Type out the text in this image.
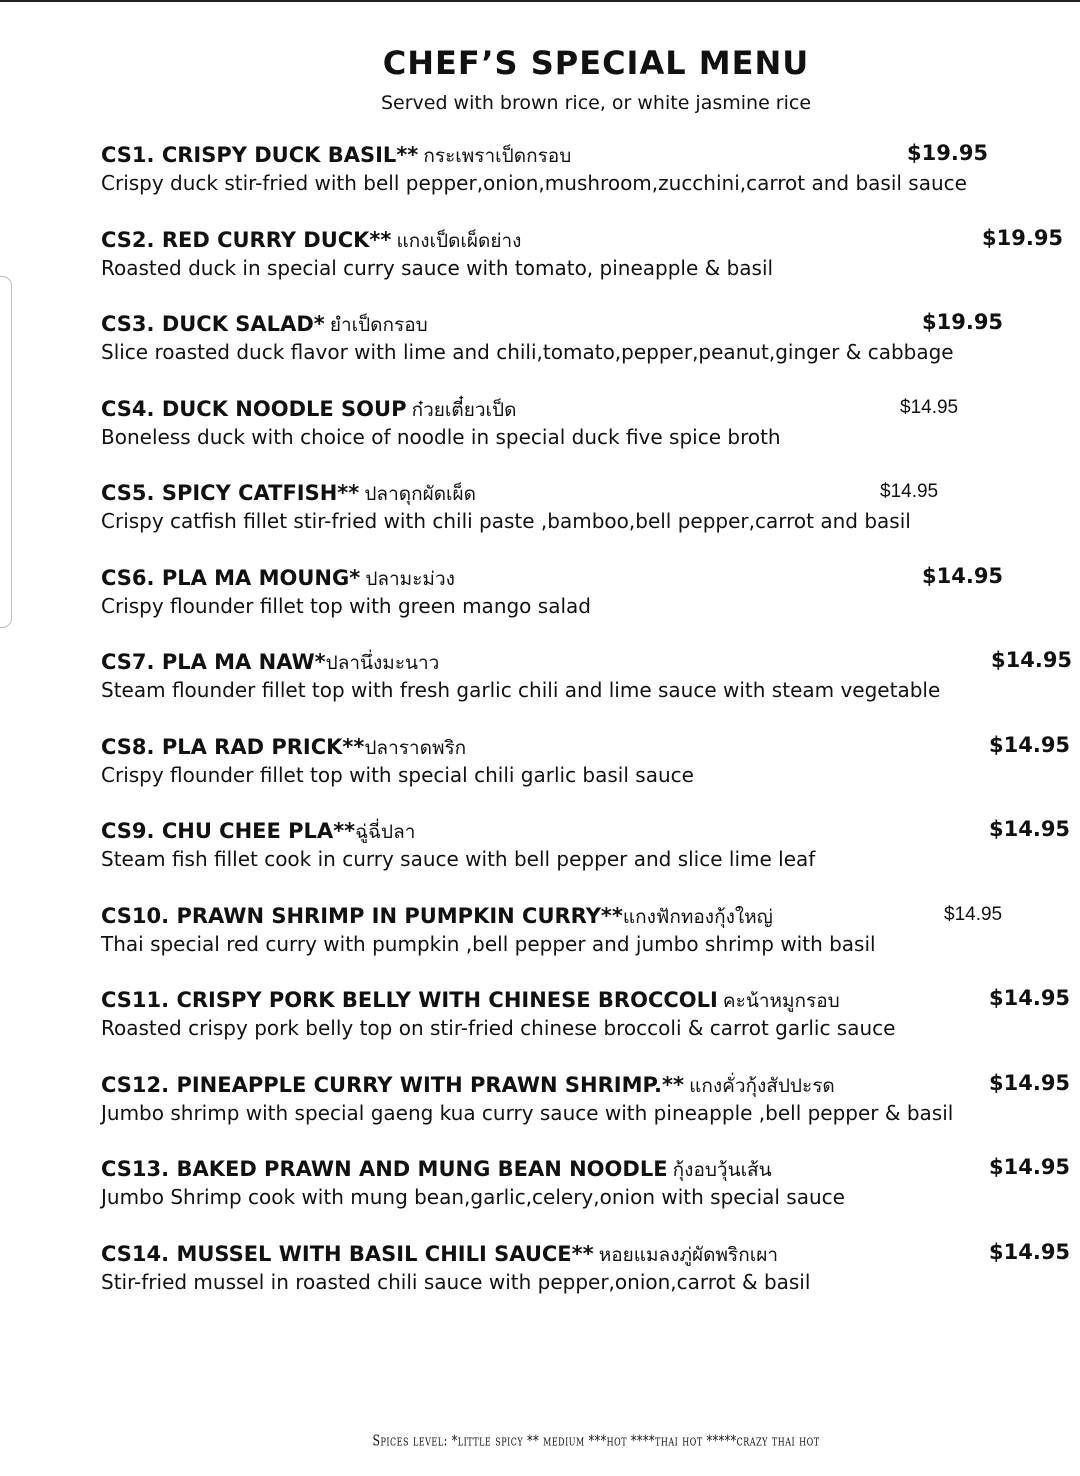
CHEF’S SPECIAL MENU
Served with brown rice, or white jasmine rice
CS1. CRISPY DUCK BASIL** กระเพราเป็ดกรอบ	$19.95
Crispy duck stir-fried with bell pepper,onion,mushroom,zucchini,carrot and basil sauce
CS2. RED CURRY DUCK** แกงเป็ดเผ็ดย่าง	$19.95
Roasted duck in special curry sauce with tomato, pineapple & basil
CS3. DUCK SALAD* ยำเป็ดกรอบ	$19.95
Slice roasted duck flavor with lime and chili,tomato,pepper,peanut,ginger & cabbage
CS4. DUCK NOODLE SOUP ก๋วยเตี๋ยวเป็ด	$14.95
Boneless duck with choice of noodle in special duck five spice broth
CS5. SPICY CATFISH** ปลาดุกผัดเผ็ด	$14.95
Crispy catfish fillet stir-fried with chili paste ,bamboo,bell pepper,carrot and basil
CS6. PLA MA MOUNG* ปลามะม่วง	$14.95
Crispy flounder fillet top with green mango salad
CS7. PLA MA NAW*ปลานึ่งมะนาว	$14.95
Steam flounder fillet top with fresh garlic chili and lime sauce with steam vegetable
CS8. PLA RAD PRICK**ปลาราดพริก	$14.95
Crispy flounder fillet top with special chili garlic basil sauce
CS9. CHU CHEE PLA**ฉู่ฉี่ปลา	$14.95
Steam fish fillet cook in curry sauce with bell pepper and slice lime leaf
CS10. PRAWN SHRIMP IN PUMPKIN CURRY**แกงฟักทองกุ้งใหญ่	$14.95
Thai special red curry with pumpkin ,bell pepper and jumbo shrimp with basil
CS11. CRISPY PORK BELLY WITH CHINESE BROCCOLI คะน้าหมูกรอบ	$14.95
Roasted crispy pork belly top on stir-fried chinese broccoli & carrot garlic sauce
CS12. PINEAPPLE CURRY WITH PRAWN SHRIMP.** แกงคั่วกุ้งสัปปะรด	$14.95
Jumbo shrimp with special gaeng kua curry sauce with pineapple ,bell pepper & basil
CS13. BAKED PRAWN AND MUNG BEAN NOODLE กุ้งอบวุ้นเส้น	$14.95
Jumbo Shrimp cook with mung bean,garlic,celery,onion with special sauce
CS14. MUSSEL WITH BASIL CHILI SAUCE** หอยแมลงภู่ผัดพริกเผา	$14.95
Stir-fried mussel in roasted chili sauce with pepper,onion,carrot & basil
Spices level: *little spicy ** medium ***hot ****thai hot *****crazy thai hot
